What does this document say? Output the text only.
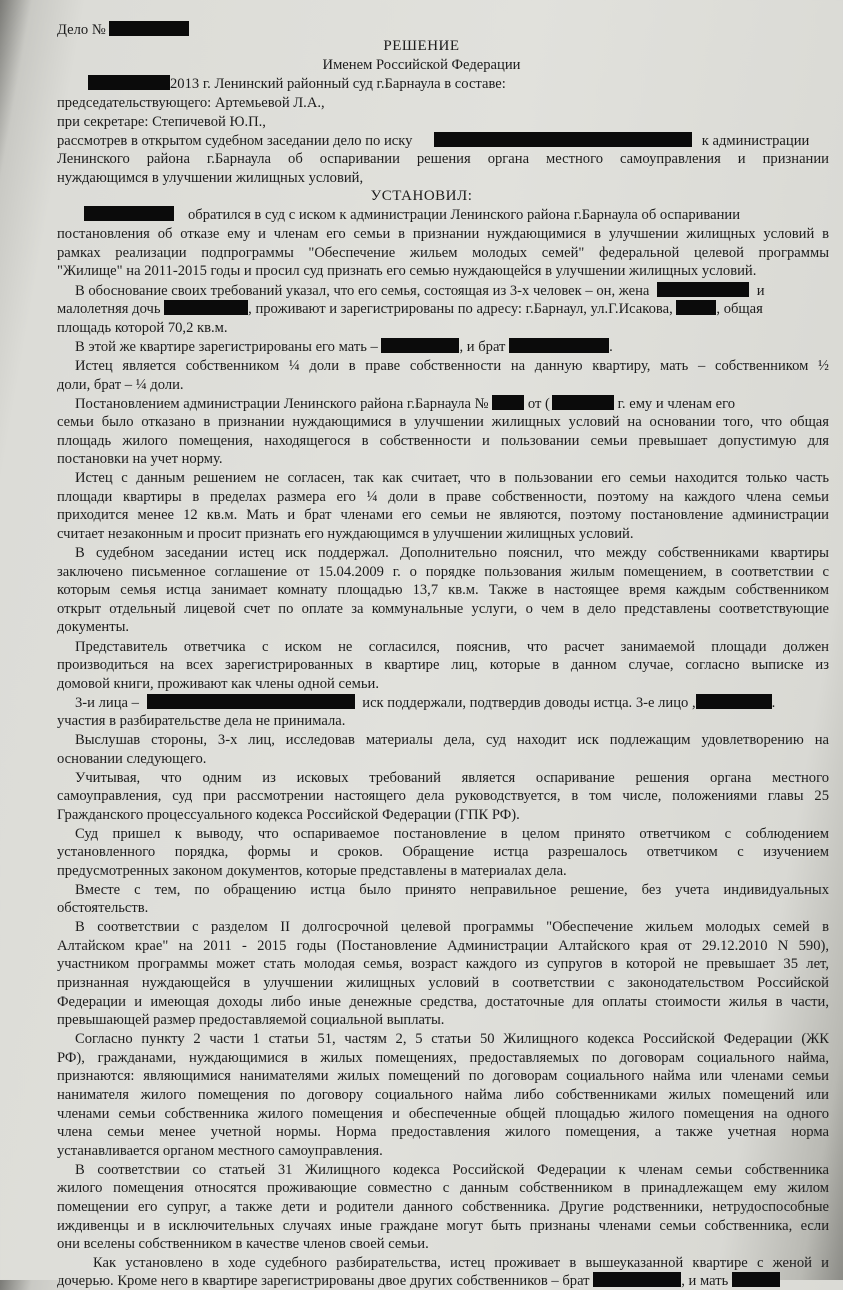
Дело №
РЕШЕНИЕ
Именем Российской Федерации
2013 г. Ленинский районный суд г.Барнаула в составе:
председательствующего: Артемьевой Л.А.,
при секретаре: Степичевой Ю.П.,
рассмотрев в открытом судебном заседании дело по иску	к администрации
Ленинского района г.Барнаула об оспаривании решения органа местного самоуправления и признании
нуждающимся в улучшении жилищных условий,
УСТАНОВИЛ:
обратился в суд с иском к администрации Ленинского района г.Барнаула об оспаривании
постановления об отказе ему и членам его семьи в признании нуждающимися в улучшении жилищных условий в
рамках реализации подпрограммы "Обеспечение жильем молодых семей" федеральной целевой программы
"Жилище" на 2011-2015 годы и просил суд признать его семью нуждающейся в улучшении жилищных условий.
В обоснование своих требований указал, что его семья, состоящая из 3-х человек – он, жена	и
малолетняя дочь	, проживают и зарегистрированы по адресу: г.Барнаул, ул.Г.Исакова,	, общая
площадь которой 70,2 кв.м.
В этой же квартире зарегистрированы его мать –	, и брат	.
Истец является собственником ¼ доли в праве собственности на данную квартиру, мать – собственником ½
доли, брат – ¼ доли.
Постановлением администрации Ленинского района г.Барнаула №	от (	г. ему и членам его
семьи было отказано в признании нуждающимися в улучшении жилищных условий на основании того, что общая
площадь жилого помещения, находящегося в собственности и пользовании семьи превышает допустимую для
постановки на учет норму.
Истец с данным решением не согласен, так как считает, что в пользовании его семьи находится только часть
площади квартиры в пределах размера его ¼ доли в праве собственности, поэтому на каждого члена семьи
приходится менее 12 кв.м. Мать и брат членами его семьи не являются, поэтому постановление администрации
считает незаконным и просит признать его нуждающимся в улучшении жилищных условий.
В судебном заседании истец иск поддержал. Дополнительно пояснил, что между собственниками квартиры
заключено письменное соглашение от 15.04.2009 г. о порядке пользования жилым помещением, в соответствии с
которым семья истца занимает комнату площадью 13,7 кв.м. Также в настоящее время каждым собственником
открыт отдельный лицевой счет по оплате за коммунальные услуги, о чем в дело представлены соответствующие
документы.
Представитель ответчика с иском не согласился, пояснив, что расчет занимаемой площади должен
производиться на всех зарегистрированных в квартире лиц, которые в данном случае, согласно выписке из
домовой книги, проживают как члены одной семьи.
3-и лица –	иск поддержали, подтвердив доводы истца. 3-е лицо ,	.
участия в разбирательстве дела не принимала.
Выслушав стороны, 3-х лиц, исследовав материалы дела, суд находит иск подлежащим удовлетворению на
основании следующего.
Учитывая, что одним из исковых требований является оспаривание решения органа местного
самоуправления, суд при рассмотрении настоящего дела руководствуется, в том числе, положениями главы 25
Гражданского процессуального кодекса Российской Федерации (ГПК РФ).
Суд пришел к выводу, что оспариваемое постановление в целом принято ответчиком с соблюдением
установленного порядка, формы и сроков. Обращение истца разрешалось ответчиком с изучением
предусмотренных законом документов, которые представлены в материалах дела.
Вместе с тем, по обращению истца было принято неправильное решение, без учета индивидуальных
обстоятельств.
В соответствии с разделом II долгосрочной целевой программы "Обеспечение жильем молодых семей в
Алтайском крае" на 2011 - 2015 годы (Постановление Администрации Алтайского края от 29.12.2010 N 590),
участником программы может стать молодая семья, возраст каждого из супругов в которой не превышает 35 лет,
признанная нуждающейся в улучшении жилищных условий в соответствии с законодательством Российской
Федерации и имеющая доходы либо иные денежные средства, достаточные для оплаты стоимости жилья в части,
превышающей размер предоставляемой социальной выплаты.
Согласно пункту 2 части 1 статьи 51, частям 2, 5 статьи 50 Жилищного кодекса Российской Федерации (ЖК
РФ), гражданами, нуждающимися в жилых помещениях, предоставляемых по договорам социального найма,
признаются: являющимися нанимателями жилых помещений по договорам социального найма или членами семьи
нанимателя жилого помещения по договору социального найма либо собственниками жилых помещений или
членами семьи собственника жилого помещения и обеспеченные общей площадью жилого помещения на одного
члена семьи менее учетной нормы. Норма предоставления жилого помещения, а также учетная норма
устанавливается органом местного самоуправления.
В соответствии со статьей 31 Жилищного кодекса Российской Федерации к членам семьи собственника
жилого помещения относятся проживающие совместно с данным собственником в принадлежащем ему жилом
помещении его супруг, а также дети и родители данного собственника. Другие родственники, нетрудоспособные
иждивенцы и в исключительных случаях иные граждане могут быть признаны членами семьи собственника, если
они вселены собственником в качестве членов своей семьи.
Как установлено в ходе судебного разбирательства, истец проживает в вышеуказанной квартире с женой и
дочерью. Кроме него в квартире зарегистрированы двое других собственников – брат	, и мать
